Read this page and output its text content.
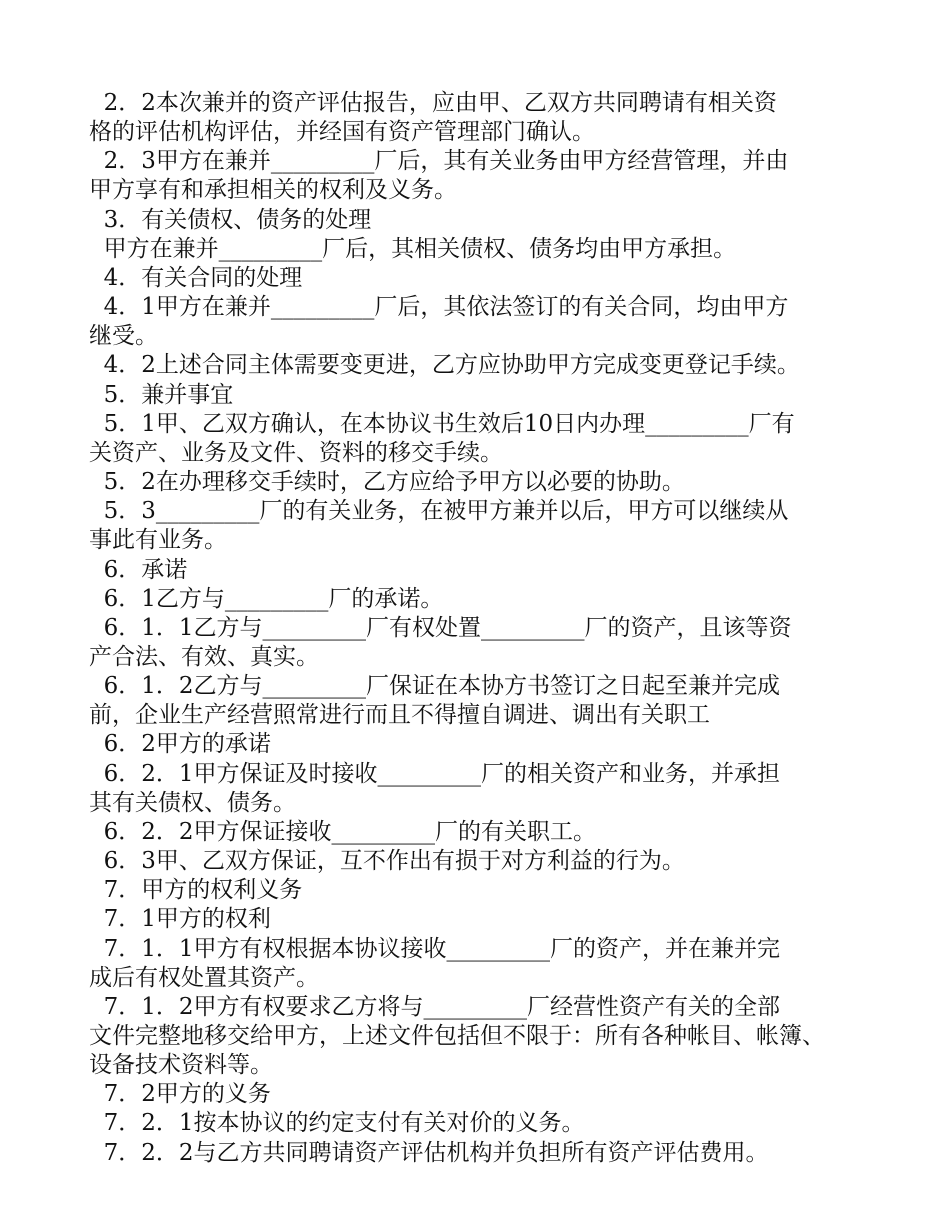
2．2本次兼并的资产评估报告，应由甲、乙双方共同聘请有相关资
格的评估机构评估，并经国有资产管理部门确认。
2．3甲方在兼并_________厂后，其有关业务由甲方经营管理，并由
甲方享有和承担相关的权利及义务。
3．有关债权、债务的处理
甲方在兼并_________厂后，其相关债权、债务均由甲方承担。
4．有关合同的处理
4．1甲方在兼并_________厂后，其依法签订的有关合同，均由甲方
继受。
4．2上述合同主体需要变更进，乙方应协助甲方完成变更登记手续。
5．兼并事宜
5．1甲、乙双方确认，在本协议书生效后10日内办理_________厂有
关资产、业务及文件、资料的移交手续。
5．2在办理移交手续时，乙方应给予甲方以必要的协助。
5．3_________厂的有关业务，在被甲方兼并以后，甲方可以继续从
事此有业务。
6．承诺
6．1乙方与_________厂的承诺。
6．1．1乙方与_________厂有权处置_________厂的资产，且该等资
产合法、有效、真实。
6．1．2乙方与_________厂保证在本协方书签订之日起至兼并完成
前，企业生产经营照常进行而且不得擅自调进、调出有关职工
6．2甲方的承诺
6．2．1甲方保证及时接收_________厂的相关资产和业务，并承担
其有关债权、债务。
6．2．2甲方保证接收_________厂的有关职工。
6．3甲、乙双方保证，互不作出有损于对方利益的行为。
7．甲方的权利义务
7．1甲方的权利
7．1．1甲方有权根据本协议接收_________厂的资产，并在兼并完
成后有权处置其资产。
7．1．2甲方有权要求乙方将与_________厂经营性资产有关的全部
文件完整地移交给甲方，上述文件包括但不限于：所有各种帐目、帐簿、
设备技术资料等。
7．2甲方的义务
7．2．1按本协议的约定支付有关对价的义务。
7．2．2与乙方共同聘请资产评估机构并负担所有资产评估费用。
